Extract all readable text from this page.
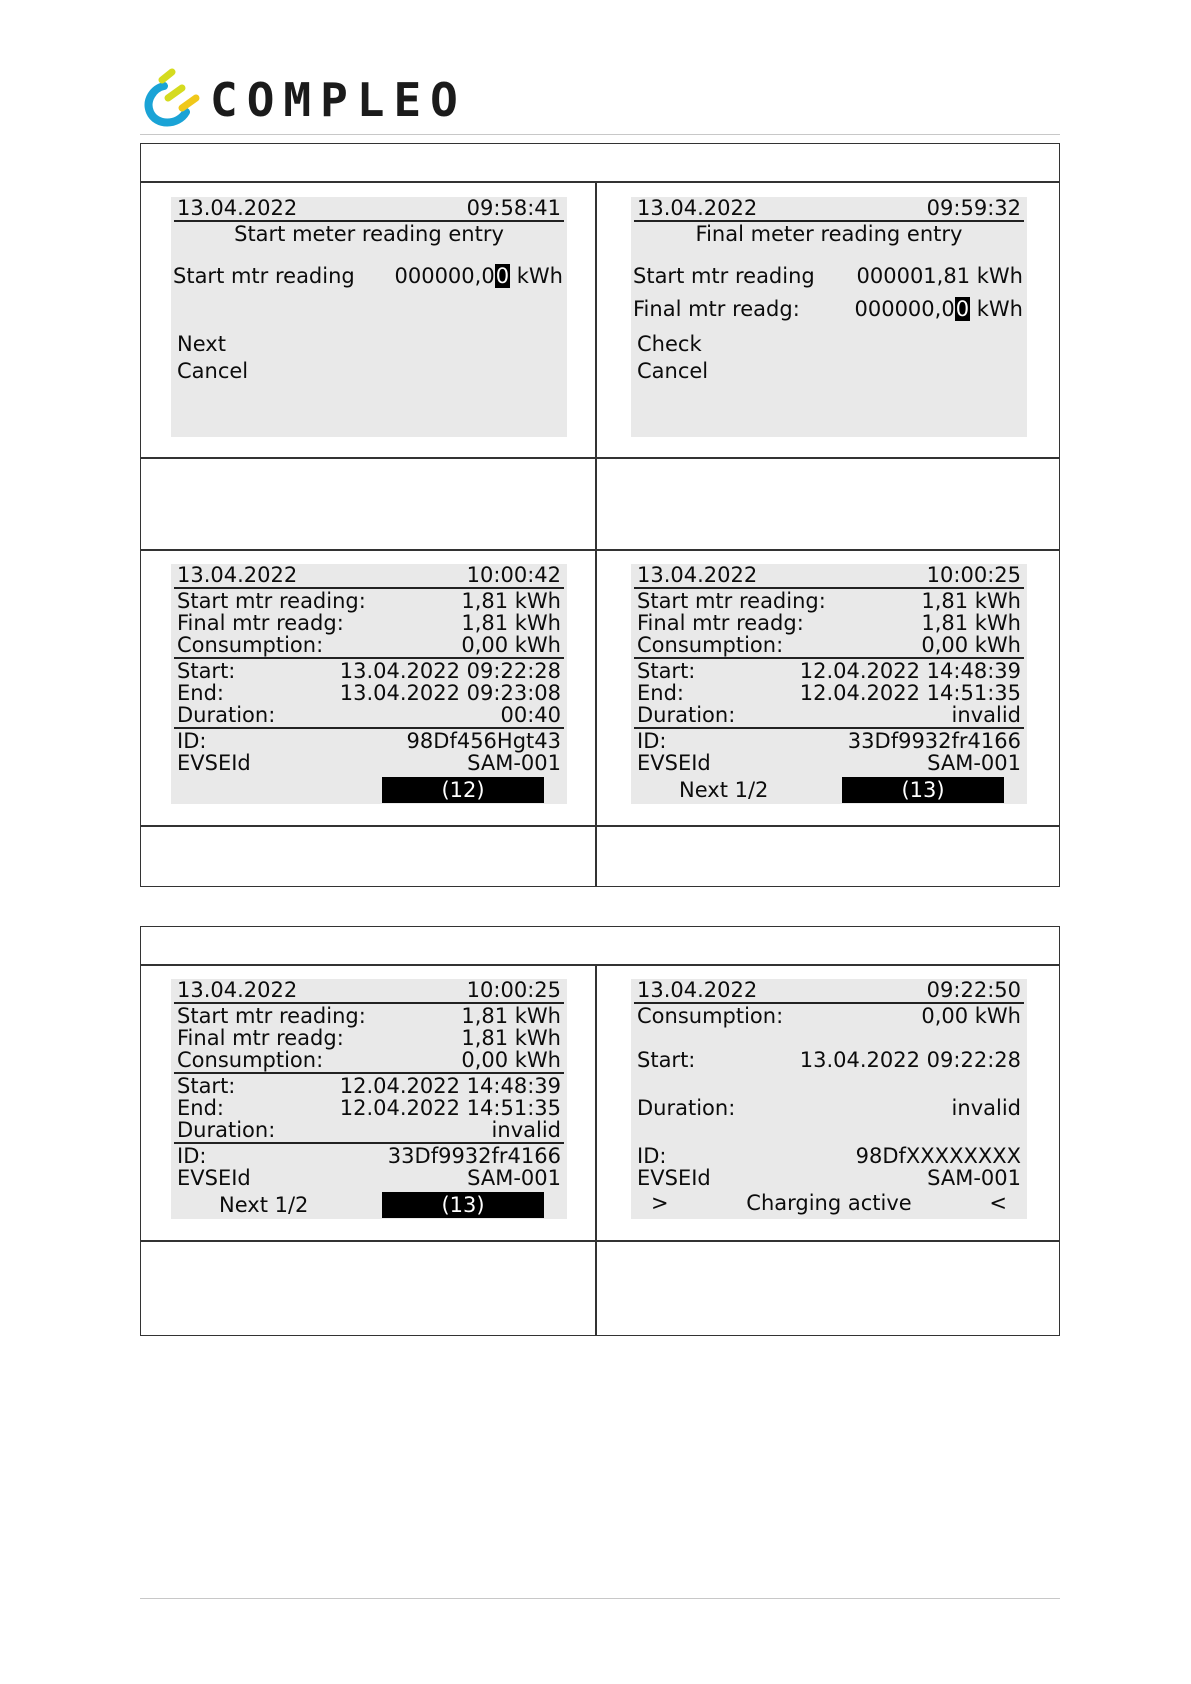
COMPLEO
13.04.2022	09:58:41
Start meter reading entry
Start mtr reading 000000,00 kWh
Next
Cancel
13.04.2022	09:59:32
Final meter reading entry
Start mtr reading 000001,81 kWh
Final mtr readg:	000000,00 kWh
Check
Cancel
13.04.2022	10:00:42
Start mtr reading:	1,81 kWh
Final mtr readg:	1,81 kWh
Consumption:	0,00 kWh
Start:	13.04.2022 09:22:28
End:	13.04.2022 09:23:08
Duration:	00:40
ID:	98Df456Hgt43
EVSEId	SAM-001
(12)
13.04.2022	10:00:25
Start mtr reading:	1,81 kWh
Final mtr readg:	1,81 kWh
Consumption:	0,00 kWh
Start:	12.04.2022 14:48:39
End:	12.04.2022 14:51:35
Duration:	invalid
ID:	33Df9932fr4166
EVSEId	SAM-001
Next 1/2	(13)
13.04.2022	10:00:25
Start mtr reading:	1,81 kWh
Final mtr readg:	1,81 kWh
Consumption:	0,00 kWh
Start:	12.04.2022 14:48:39
End:	12.04.2022 14:51:35
Duration:	invalid
ID:	33Df9932fr4166
EVSEId	SAM-001
Next 1/2	(13)
13.04.2022	09:22:50
Consumption:	0,00 kWh
Start:	13.04.2022 09:22:28
Duration:	invalid
ID:	98DfXXXXXXXX
EVSEId	SAM-001
>	Charging active	<
